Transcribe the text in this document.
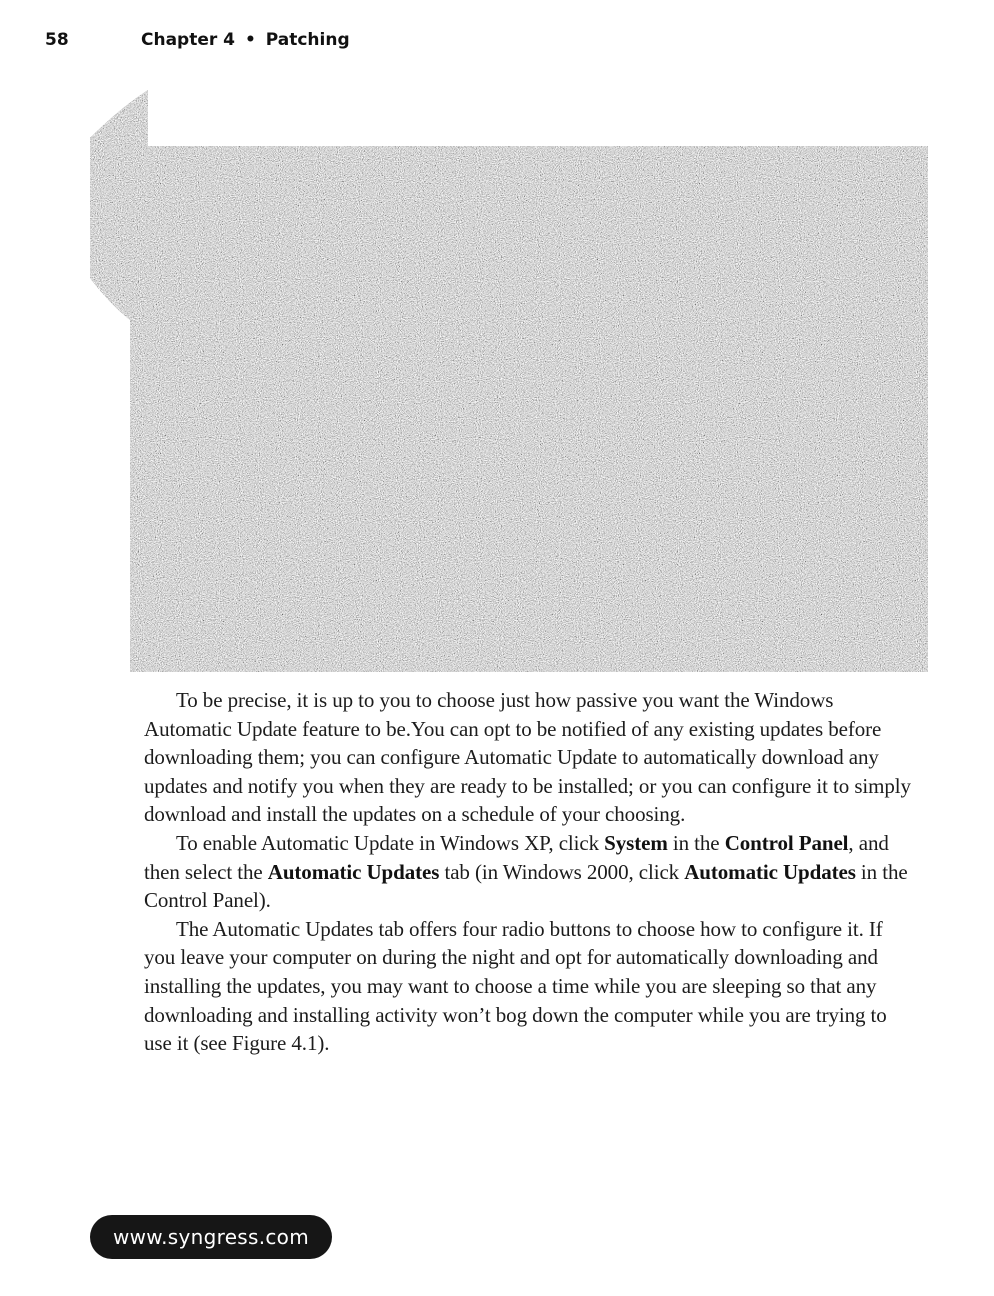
58	Chapter 4 • Patching

To be precise, it is up to you to choose just how passive you want the Windows Automatic Update feature to be.You can opt to be notified of any existing updates before downloading them; you can configure Automatic Update to automatically download any updates and notify you when they are ready to be installed; or you can configure it to simply download and install the updates on a schedule of your choosing.

To enable Automatic Update in Windows XP, click System in the Control Panel, and then select the Automatic Updates tab (in Windows 2000, click Automatic Updates in the Control Panel).

The Automatic Updates tab offers four radio buttons to choose how to configure it. If you leave your computer on during the night and opt for automatically downloading and installing the updates, you may want to choose a time while you are sleeping so that any downloading and installing activity won’t bog down the computer while you are trying to use it (see Figure 4.1).

www.syngress.com
